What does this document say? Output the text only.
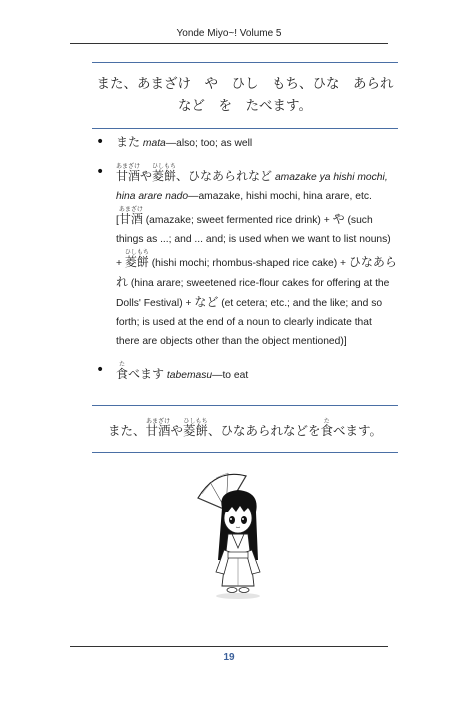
Yonde Miyo~! Volume 5
また、あまざけ　や　ひし　もち、ひな　あられ
など　を　たべます。
• また mata—also; too; as well
• 甘酒あまざけや菱餅ひしもち、ひなあられなど amazake ya hishi mochi,
hina arare nado—amazake, hishi mochi, hina arare, etc.
[甘酒あまざけ (amazake; sweet fermented rice drink) + や (such
things as ...; and ... and; is used when we want to list nouns)
+ 菱餅ひしもち (hishi mochi; rhombus-shaped rice cake) + ひなあら
れ (hina arare; sweetened rice-flour cakes for offering at the
Dolls' Festival) + など (et cetera; etc.; and the like; and so
forth; is used at the end of a noun to clearly indicate that
there are objects other than the object mentioned)]
• 食たべます tabemasu—to eat
また、甘酒あまざけや菱餅ひしもち、ひなあられなどを食たべます。
19
